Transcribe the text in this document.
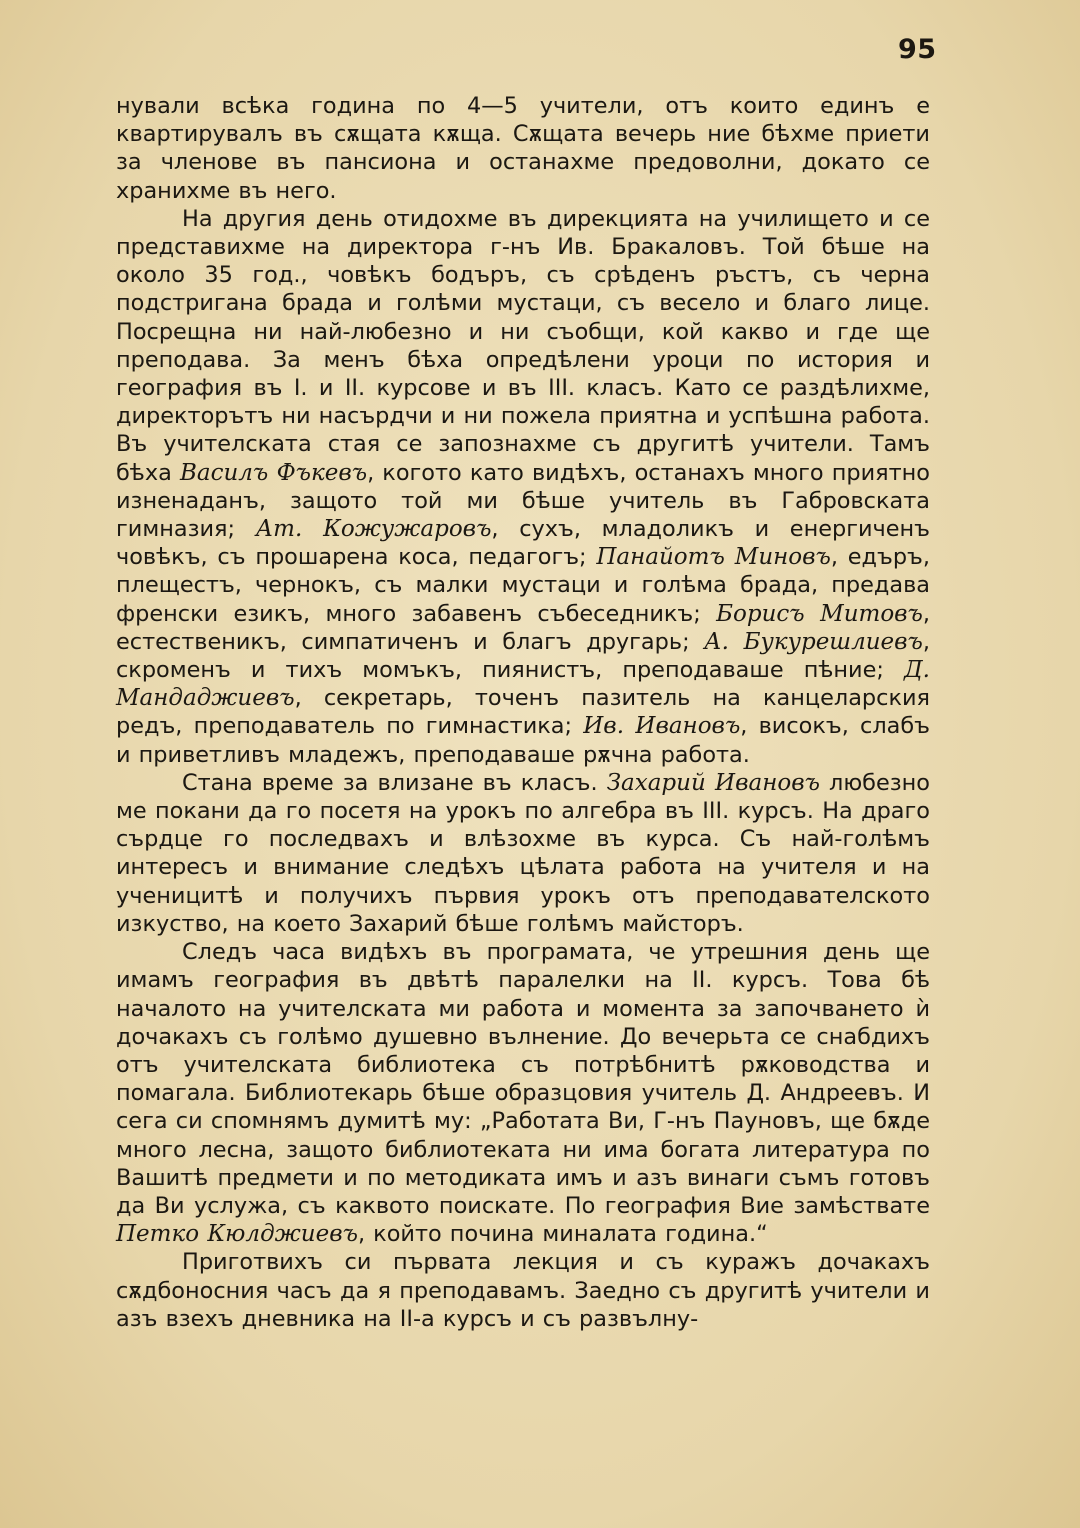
95

нували всѣка година по 4—5 учители, отъ които единъ е квартирувалъ въ сѫщата кѫща. Сѫщата вечерь ние бѣхме приети за членове въ пансиона и останахме предоволни, докато се хранихме въ него.

На другия день отидохме въ дирекцията на училището и се представихме на директора г-нъ Ив. Бракаловъ. Той бѣше на около 35 год., човѣкъ бодъръ, съ срѣденъ ръстъ, съ черна подстригана брада и голѣми мустаци, съ весело и благо лице. Посрещна ни най-любезно и ни съобщи, кой какво и где ще преподава. За менъ бѣха опредѣлени уроци по история и география въ I. и II. курсове и въ III. класъ. Като се раздѣлихме, директорътъ ни насърдчи и ни пожела приятна и успѣшна работа. Въ учителската стая се запознахме съ другитѣ учители. Тамъ бѣха Василъ Фъкевъ, когото като видѣхъ, останахъ много приятно изненаданъ, защото той ми бѣше учитель въ Габровската гимназия; Ат. Кожужаровъ, сухъ, младоликъ и енергиченъ човѣкъ, съ прошарена коса, педагогъ; Панайотъ Миновъ, едъръ, плещестъ, чернокъ, съ малки мустаци и голѣма брада, предава френски езикъ, много забавенъ събеседникъ; Борисъ Митовъ, естественикъ, симпатиченъ и благъ другарь; А. Букурешлиевъ, скроменъ и тихъ момъкъ, пиянистъ, преподаваше пѣние; Д. Мандаджиевъ, секретарь, точенъ пазитель на канцеларския редъ, преподаватель по гимнастика; Ив. Ивановъ, високъ, слабъ и приветливъ младежъ, преподаваше рѫчна работа.

Стана време за влизане въ класъ. Захарий Ивановъ любезно ме покани да го посетя на урокъ по алгебра въ III. курсъ. На драго сърдце го последвахъ и влѣзохме въ курса. Съ най-голѣмъ интересъ и внимание следѣхъ цѣлата работа на учителя и на ученицитѣ и получихъ първия урокъ отъ преподавателското изкуство, на което Захарий бѣше голѣмъ майсторъ.

Следъ часа видѣхъ въ програмата, че утрешния день ще имамъ география въ двѣтѣ паралелки на II. курсъ. Това бѣ началото на учителската ми работа и момента за започването ѝ дочакахъ съ голѣмо душевно вълнение. До вечерьта се снабдихъ отъ учителската библиотека съ потрѣбнитѣ рѫководства и помагала. Библиотекарь бѣше образцовия учитель Д. Андреевъ. И сега си спомнямъ думитѣ му: „Работата Ви, Г-нъ Пауновъ, ще бѫде много лесна, защото библиотеката ни има богата литература по Вашитѣ предмети и по методиката имъ и азъ винаги съмъ готовъ да Ви услужа, съ каквото поискате. По география Вие замѣствате Петко Кюлджиевъ, който почина миналата година.“

Приготвихъ си първата лекция и съ куражъ дочакахъ сѫдбоносния часъ да я преподавамъ. Заедно съ другитѣ учители и азъ взехъ дневника на II-а курсъ и съ развълну-
